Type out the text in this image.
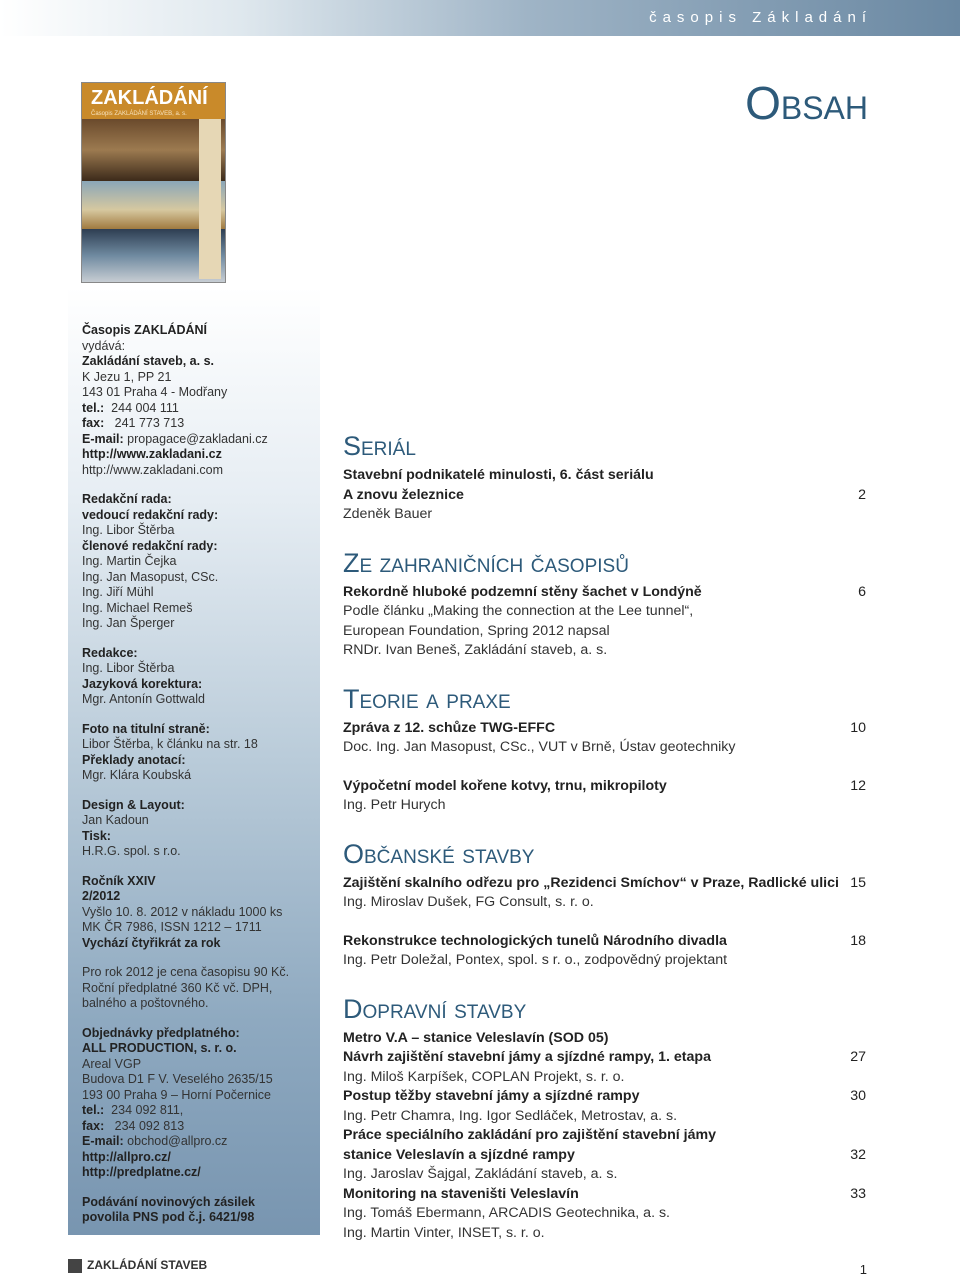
časopis Základání
Obsah
ZAKLÁDÁNÍ
Časopis ZAKLÁDÁNÍ STAVEB, a. s.
Časopis ZAKLÁDÁNÍ
vydává:
Zakládání staveb, a. s.
K Jezu 1, PP 21
143 01 Praha 4 - Modřany
tel.:  244 004 111
fax:   241 773 713
E-mail: propagace@zakladani.cz
http://www.zakladani.cz
http://www.zakladani.com
Redakční rada:
vedoucí redakční rady:
Ing. Libor Štěrba
členové redakční rady:
Ing. Martin Čejka
Ing. Jan Masopust, CSc.
Ing. Jiří Mühl
Ing. Michael Remeš
Ing. Jan Šperger
Redakce:
Ing. Libor Štěrba
Jazyková korektura:
Mgr. Antonín Gottwald
Foto na titulní straně:
Libor Štěrba, k článku na str. 18
Překlady anotací:
Mgr. Klára Koubská
Design & Layout:
Jan Kadoun
Tisk:
H.R.G. spol. s r.o.
Ročník XXIV
2/2012
Vyšlo 10. 8. 2012 v nákladu 1000 ks
MK ČR 7986, ISSN 1212 – 1711
Vychází čtyřikrát za rok
Pro rok 2012 je cena časopisu 90 Kč.
Roční předplatné 360 Kč vč. DPH,
balného a poštovného.
Objednávky předplatného:
ALL PRODUCTION, s. r. o.
Areal VGP
Budova D1 F V. Veselého 2635/15
193 00 Praha 9 – Horní Počernice
tel.:  234 092 811,
fax:   234 092 813
E-mail: obchod@allpro.cz
http://allpro.cz/
http://predplatne.cz/
Podávání novinových zásilek
povolila PNS pod č.j. 6421/98
Seriál
Stavební podnikatelé minulosti, 6. část seriálu
A znovu železnice	2
Zdeněk Bauer
Ze zahraničních časopisů
Rekordně hluboké podzemní stěny šachet v Londýně	6
Podle článku „Making the connection at the Lee tunnel“,
European Foundation, Spring 2012 napsal
RNDr. Ivan Beneš, Zakládání staveb, a. s.
Teorie a praxe
Zpráva z 12. schůze TWG-EFFC	10
Doc. Ing. Jan Masopust, CSc., VUT v Brně, Ústav geotechniky
Výpočetní model kořene kotvy, trnu, mikropiloty	12
Ing. Petr Hurych
Občanské stavby
Zajištění skalního odřezu pro „Rezidenci Smíchov“ v Praze, Radlické ulici 15
Ing. Miroslav Dušek, FG Consult, s. r. o.
Rekonstrukce technologických tunelů Národního divadla	18
Ing. Petr Doležal, Pontex, spol. s r. o., zodpovědný projektant
Dopravní stavby
Metro V.A – stanice Veleslavín (SOD 05)
Návrh zajištění stavební jámy a sjízdné rampy, 1. etapa	27
Ing. Miloš Karpíšek, COPLAN Projekt, s. r. o.
Postup těžby stavební jámy a sjízdné rampy	30
Ing. Petr Chamra, Ing. Igor Sedláček, Metrostav, a. s.
Práce speciálního zakládání pro zajištění stavební jámy
stanice Veleslavín a sjízdné rampy	32
Ing. Jaroslav Šajgal, Zakládání staveb, a. s.
Monitoring na staveništi Veleslavín	33
Ing. Tomáš Ebermann, ARCADIS Geotechnika, a. s.
Ing. Martin Vinter, INSET, s. r. o.
ZAKLÁDÁNÍ STAVEB	1
